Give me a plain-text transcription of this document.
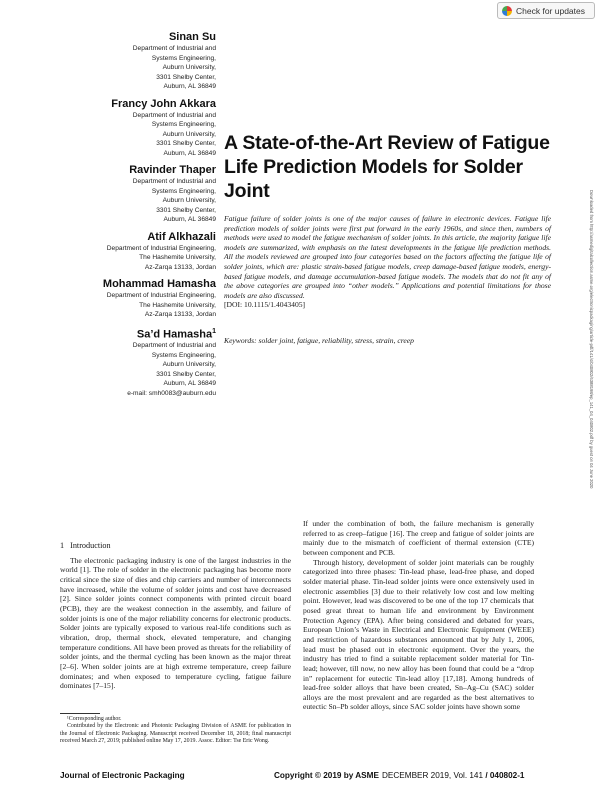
Check for updates
Sinan Su
Department of Industrial and
Systems Engineering,
Auburn University,
3301 Shelby Center,
Auburn, AL 36849
Francy John Akkara
Department of Industrial and
Systems Engineering,
Auburn University,
3301 Shelby Center,
Auburn, AL 36849
Ravinder Thaper
Department of Industrial and
Systems Engineering,
Auburn University,
3301 Shelby Center,
Auburn, AL 36849
Atif Alkhazali
Department of Industrial Engineering,
The Hashemite University,
Az-Zarqa 13133, Jordan
Mohammad Hamasha
Department of Industrial Engineering,
The Hashemite University,
Az-Zarqa 13133, Jordan
Sa’d Hamasha$^1$
Department of Industrial and
Systems Engineering,
Auburn University,
3301 Shelby Center,
Auburn, AL 36849
e-mail: smh0083@auburn.edu
A State-of-the-Art Review of Fatigue Life Prediction Models for Solder Joint
Fatigue failure of solder joints is one of the major causes of failure in electronic devices. Fatigue life prediction models of solder joints were first put forward in the early 1960s, and since then, numbers of methods were used to model the fatigue mechanism of solder joints. In this article, the majority fatigue life models are summarized, with emphasis on the latest developments in the fatigue life prediction methods. All the models reviewed are grouped into four categories based on the factors affecting the fatigue life of solder joints, which are: plastic strain-based fatigue models, creep damage-based fatigue models, energy-based fatigue models, and damage accumulation-based fatigue models. The models that do not fit any of the above categories are grouped into “other models.” Applications and potential limitations for those models are also discussed.
[DOI: 10.1115/1.4043405]
Keywords: solder joint, fatigue, reliability, stress, strain, creep	Downloaded from http://asmedigitalcollection.asme.org/electronicpackaging/article-pdf/141/4/040802/6388198/ep_141_04_040802.pdf by guest on 04 June 2020
1 Introduction

The electronic packaging industry is one of the largest industries in the world [1]. The role of solder in the electronic packaging has become more critical since the size of dies and chip carriers and number of interconnects have increased, while the volume of solder joints and cost have decreased [2]. Since solder joints connect components with printed circuit board (PCB), they are the weakest connection in the assembly, and failure of solder joints is one of the major reliability concerns for electronic products. Solder joints are typically exposed to various real-life conditions such as vibration, drop, thermal shock, elevated temperature, and changing temperature conditions. All have been proved as threats for the reliability of solder joints, and the thermal cycling has been known as the major threat [2–6]. When solder joints are at high extreme temperature, creep failure dominates; and when exposed to temperature cycling, fatigue failure dominates [7–15].

If under the combination of both, the failure mechanism is generally referred to as creep–fatigue [16]. The creep and fatigue of solder joints are mainly due to the mismatch of coefficient of thermal extension (CTE) between component and PCB.

Through history, development of solder joint materials can be roughly categorized into three phases: Tin-lead phase, lead-free phase, and doped solder material phase. Tin-lead solder joints were once extensively used in electronic assemblies [3] due to their relatively low cost and low melting point. However, lead was discovered to be one of the top 17 chemicals that posed great threat to human life and environment by Environment Protection Agency (EPA). After being considered and debated for years, European Union’s Waste in Electrical and Electronic Equipment (WEEE) and restriction of hazardous substances announced that by July 1, 2006, lead must be phased out in electronic equipment. Over the years, the industry has tried to find a suitable replacement solder material for Tin-lead; however, till now, no new alloy has been found that could be a “drop in” replacement for eutectic Tin-lead alloy [17,18]. Among hundreds of lead-free solder alloys that have been created, Sn–Ag–Cu (SAC) solder alloys are the most prevalent and are regarded as the best alternatives to eutectic Sn–Pb solder alloys, since SAC solder joints have shown some

¹Corresponding author.

Contributed by the Electronic and Photonic Packaging Division of ASME for publication in the Journal of Electronic Packaging. Manuscript received December 18, 2018; final manuscript received March 27, 2019; published online May 17, 2019. Assoc. Editor: Tse Eric Wong.

Journal of Electronic Packaging	Copyright © 2019 by ASME DECEMBER 2019, Vol. 141 / 040802-1
